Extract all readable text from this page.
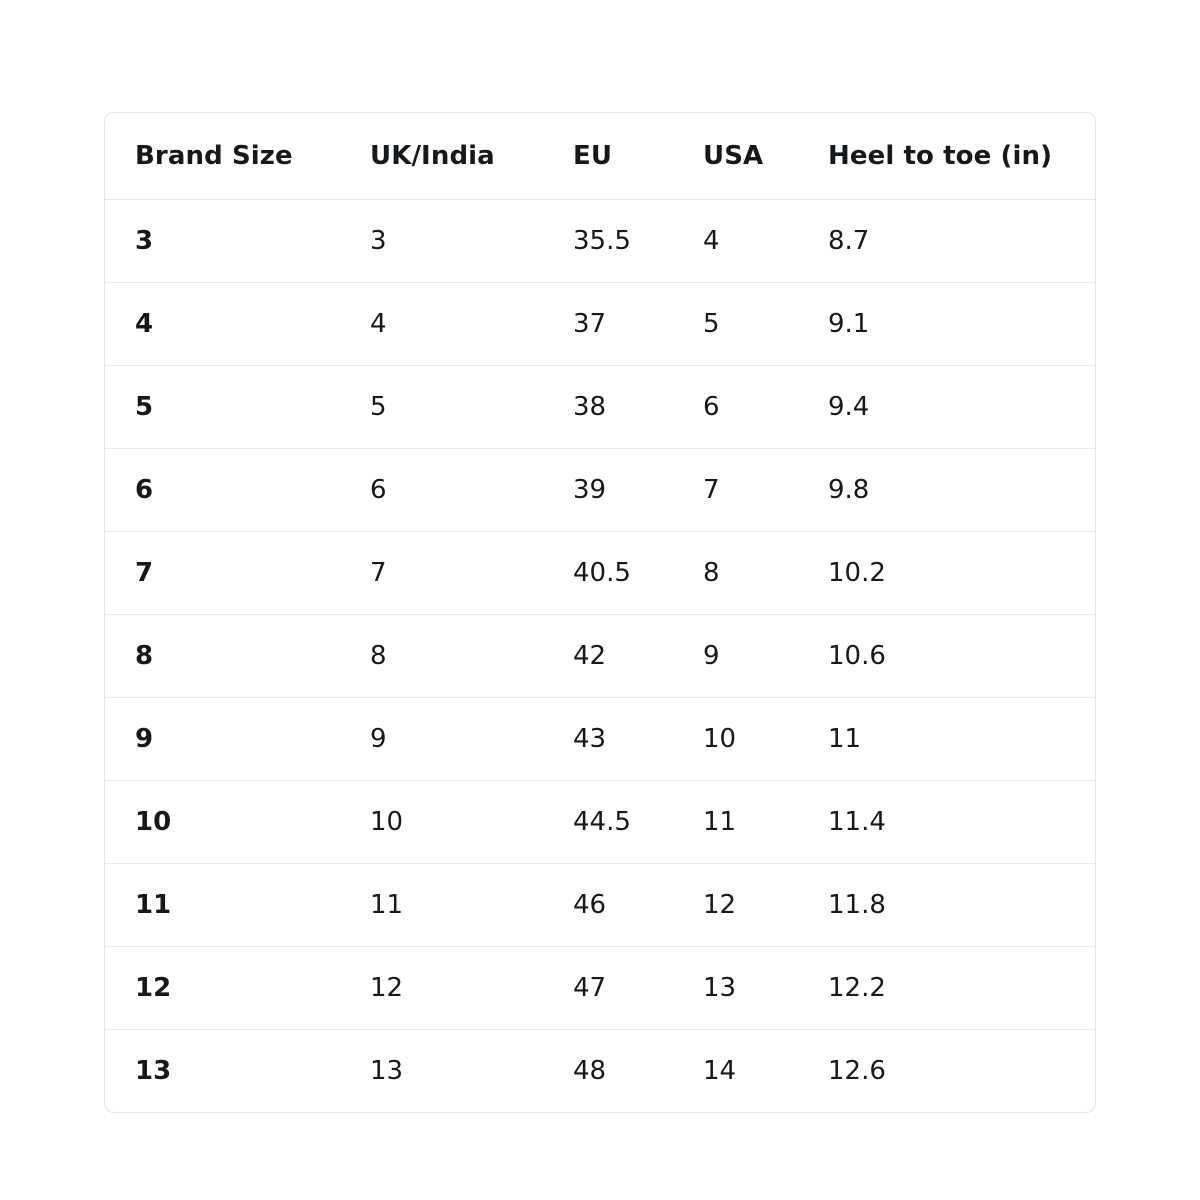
Brand Size	UK/India	EU	USA	Heel to toe (in)
3	3	35.5	4	8.7
4	4	37	5	9.1
5	5	38	6	9.4
6	6	39	7	9.8
7	7	40.5	8	10.2
8	8	42	9	10.6
9	9	43	10	11
10	10	44.5	11	11.4
11	11	46	12	11.8
12	12	47	13	12.2
13	13	48	14	12.6
